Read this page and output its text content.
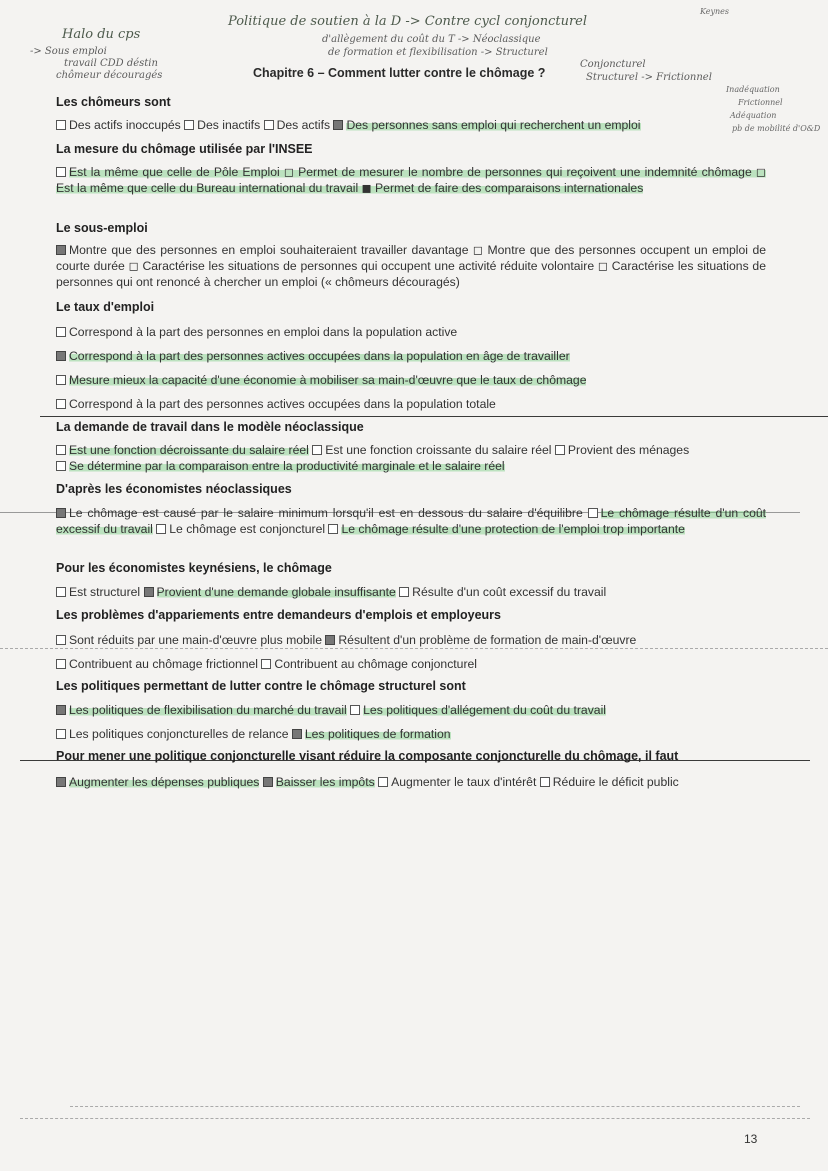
Halo du cps
-> Sous emploi
travail CDD déstin
chômeur découragés
Politique de soutien à la D -> Contre cycl conjoncturel
d'allègement du coût du T -> Néoclassique
de formation et flexibilisation -> Structurel
Conjoncturel
Structurel -> Frictionnel
Keynes
Inadéquation
Frictionnel
Adéquation
pb de mobilité d'O&D
Chapitre 6 – Comment lutter contre le chômage ?
Les chômeurs sont
Des actifs inoccupés Des inactifs Des actifs Des personnes sans emploi qui recherchent un emploi
La mesure du chômage utilisée par l'INSEE
Est la même que celle de Pôle Emploi ◻ Permet de mesurer le nombre de personnes qui reçoivent une indemnité chômage ◻ Est la même que celle du Bureau international du travail ◼ Permet de faire des comparaisons internationales
Le sous-emploi
Montre que des personnes en emploi souhaiteraient travailler davantage ◻ Montre que des personnes occupent un emploi de courte durée ◻ Caractérise les situations de personnes qui occupent une activité réduite volontaire ◻ Caractérise les situations de personnes qui ont renoncé à chercher un emploi (« chômeurs découragés)
Le taux d'emploi
Correspond à la part des personnes en emploi dans la population active
Correspond à la part des personnes actives occupées dans la population en âge de travailler
Mesure mieux la capacité d'une économie à mobiliser sa main-d'œuvre que le taux de chômage
Correspond à la part des personnes actives occupées dans la population totale
La demande de travail dans le modèle néoclassique
Est une fonction décroissante du salaire réel Est une fonction croissante du salaire réel Provient des ménages
Se détermine par la comparaison entre la productivité marginale et le salaire réel
D'après les économistes néoclassiques
Le chômage est causé par le salaire minimum lorsqu'il est en dessous du salaire d'équilibre Le chômage résulte d'un coût excessif du travail Le chômage est conjoncturel Le chômage résulte d'une protection de l'emploi trop importante
Pour les économistes keynésiens, le chômage
Est structurel Provient d'une demande globale insuffisante Résulte d'un coût excessif du travail
Les problèmes d'appariements entre demandeurs d'emplois et employeurs
Sont réduits par une main-d'œuvre plus mobile Résultent d'un problème de formation de main-d'œuvre
Contribuent au chômage frictionnel Contribuent au chômage conjoncturel
Les politiques permettant de lutter contre le chômage structurel sont
Les politiques de flexibilisation du marché du travail Les politiques d'allégement du coût du travail
Les politiques conjoncturelles de relance Les politiques de formation
Pour mener une politique conjoncturelle visant réduire la composante conjoncturelle du chômage, il faut
Augmenter les dépenses publiques Baisser les impôts Augmenter le taux d'intérêt Réduire le déficit public
13
